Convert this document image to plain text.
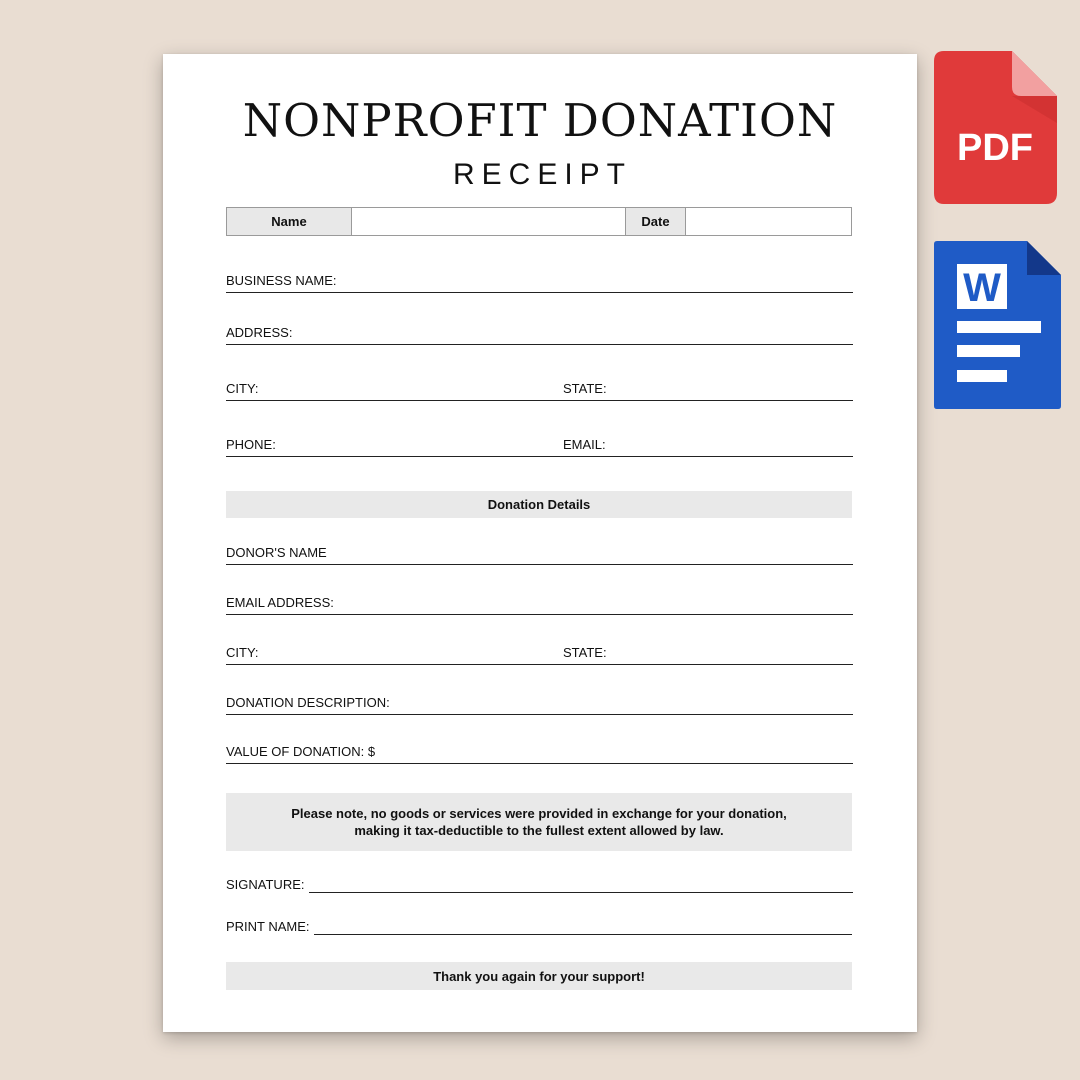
NONPROFIT DONATION
RECEIPT
Name	Date
BUSINESS NAME:
ADDRESS:
CITY:	STATE:
PHONE:	EMAIL:
Donation Details
DONOR'S NAME
EMAIL ADDRESS:
CITY:	STATE:
DONATION DESCRIPTION:
VALUE OF DONATION: $
Please note, no goods or services were provided in exchange for your donation,
making it tax-deductible to the fullest extent allowed by law.
SIGNATURE:
PRINT NAME:
Thank you again for your support!
PDF
W
